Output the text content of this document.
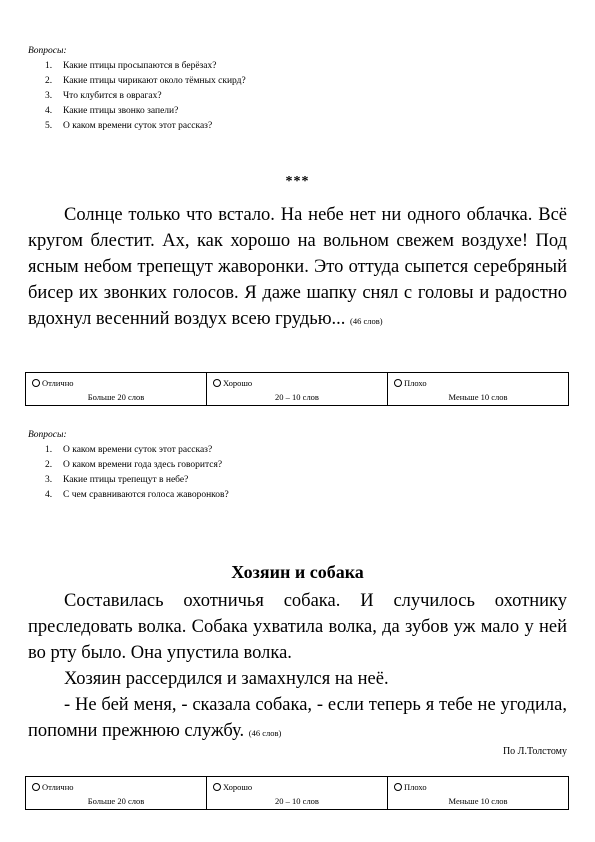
Вопросы:
1. Какие птицы просыпаются в берёзах?
2. Какие птицы чирикают около тёмных скирд?
3. Что клубится в оврагах?
4. Какие птицы звонко запели?
5. О каком времени суток этот рассказ?
***

Солнце только что встало. На небе нет ни одного облачка. Всё кругом блестит. Ах, как хорошо на вольном свежем воздухе! Под ясным небом трепещут жаворонки. Это оттуда сыпется серебряный бисер их звонких голосов. Я даже шапку снял с головы и радостно вдохнул весенний воздух всею грудью... (46 слов)

Отлично
Больше 20 слов
Хорошо
20 – 10 слов
Плохо
Меньше 10 слов
Вопросы:
1. О каком времени суток этот рассказ?
2. О каком времени года здесь говорится?
3. Какие птицы трепещут в небе?
4. С чем сравниваются голоса жаворонков?
Хозяин и собака

Составилась охотничья собака. И случилось охотнику преследовать волка. Собака ухватила волка, да зубов уж мало у ней во рту было. Она упустила волка.

Хозяин рассердился и замахнулся на неё.

- Не бей меня, - сказала собака, - если теперь я тебе не угодила, попомни прежнюю службу. (46 слов)

По Л.Толстому
Отлично
Больше 20 слов
Хорошо
20 – 10 слов
Плохо
Меньше 10 слов
